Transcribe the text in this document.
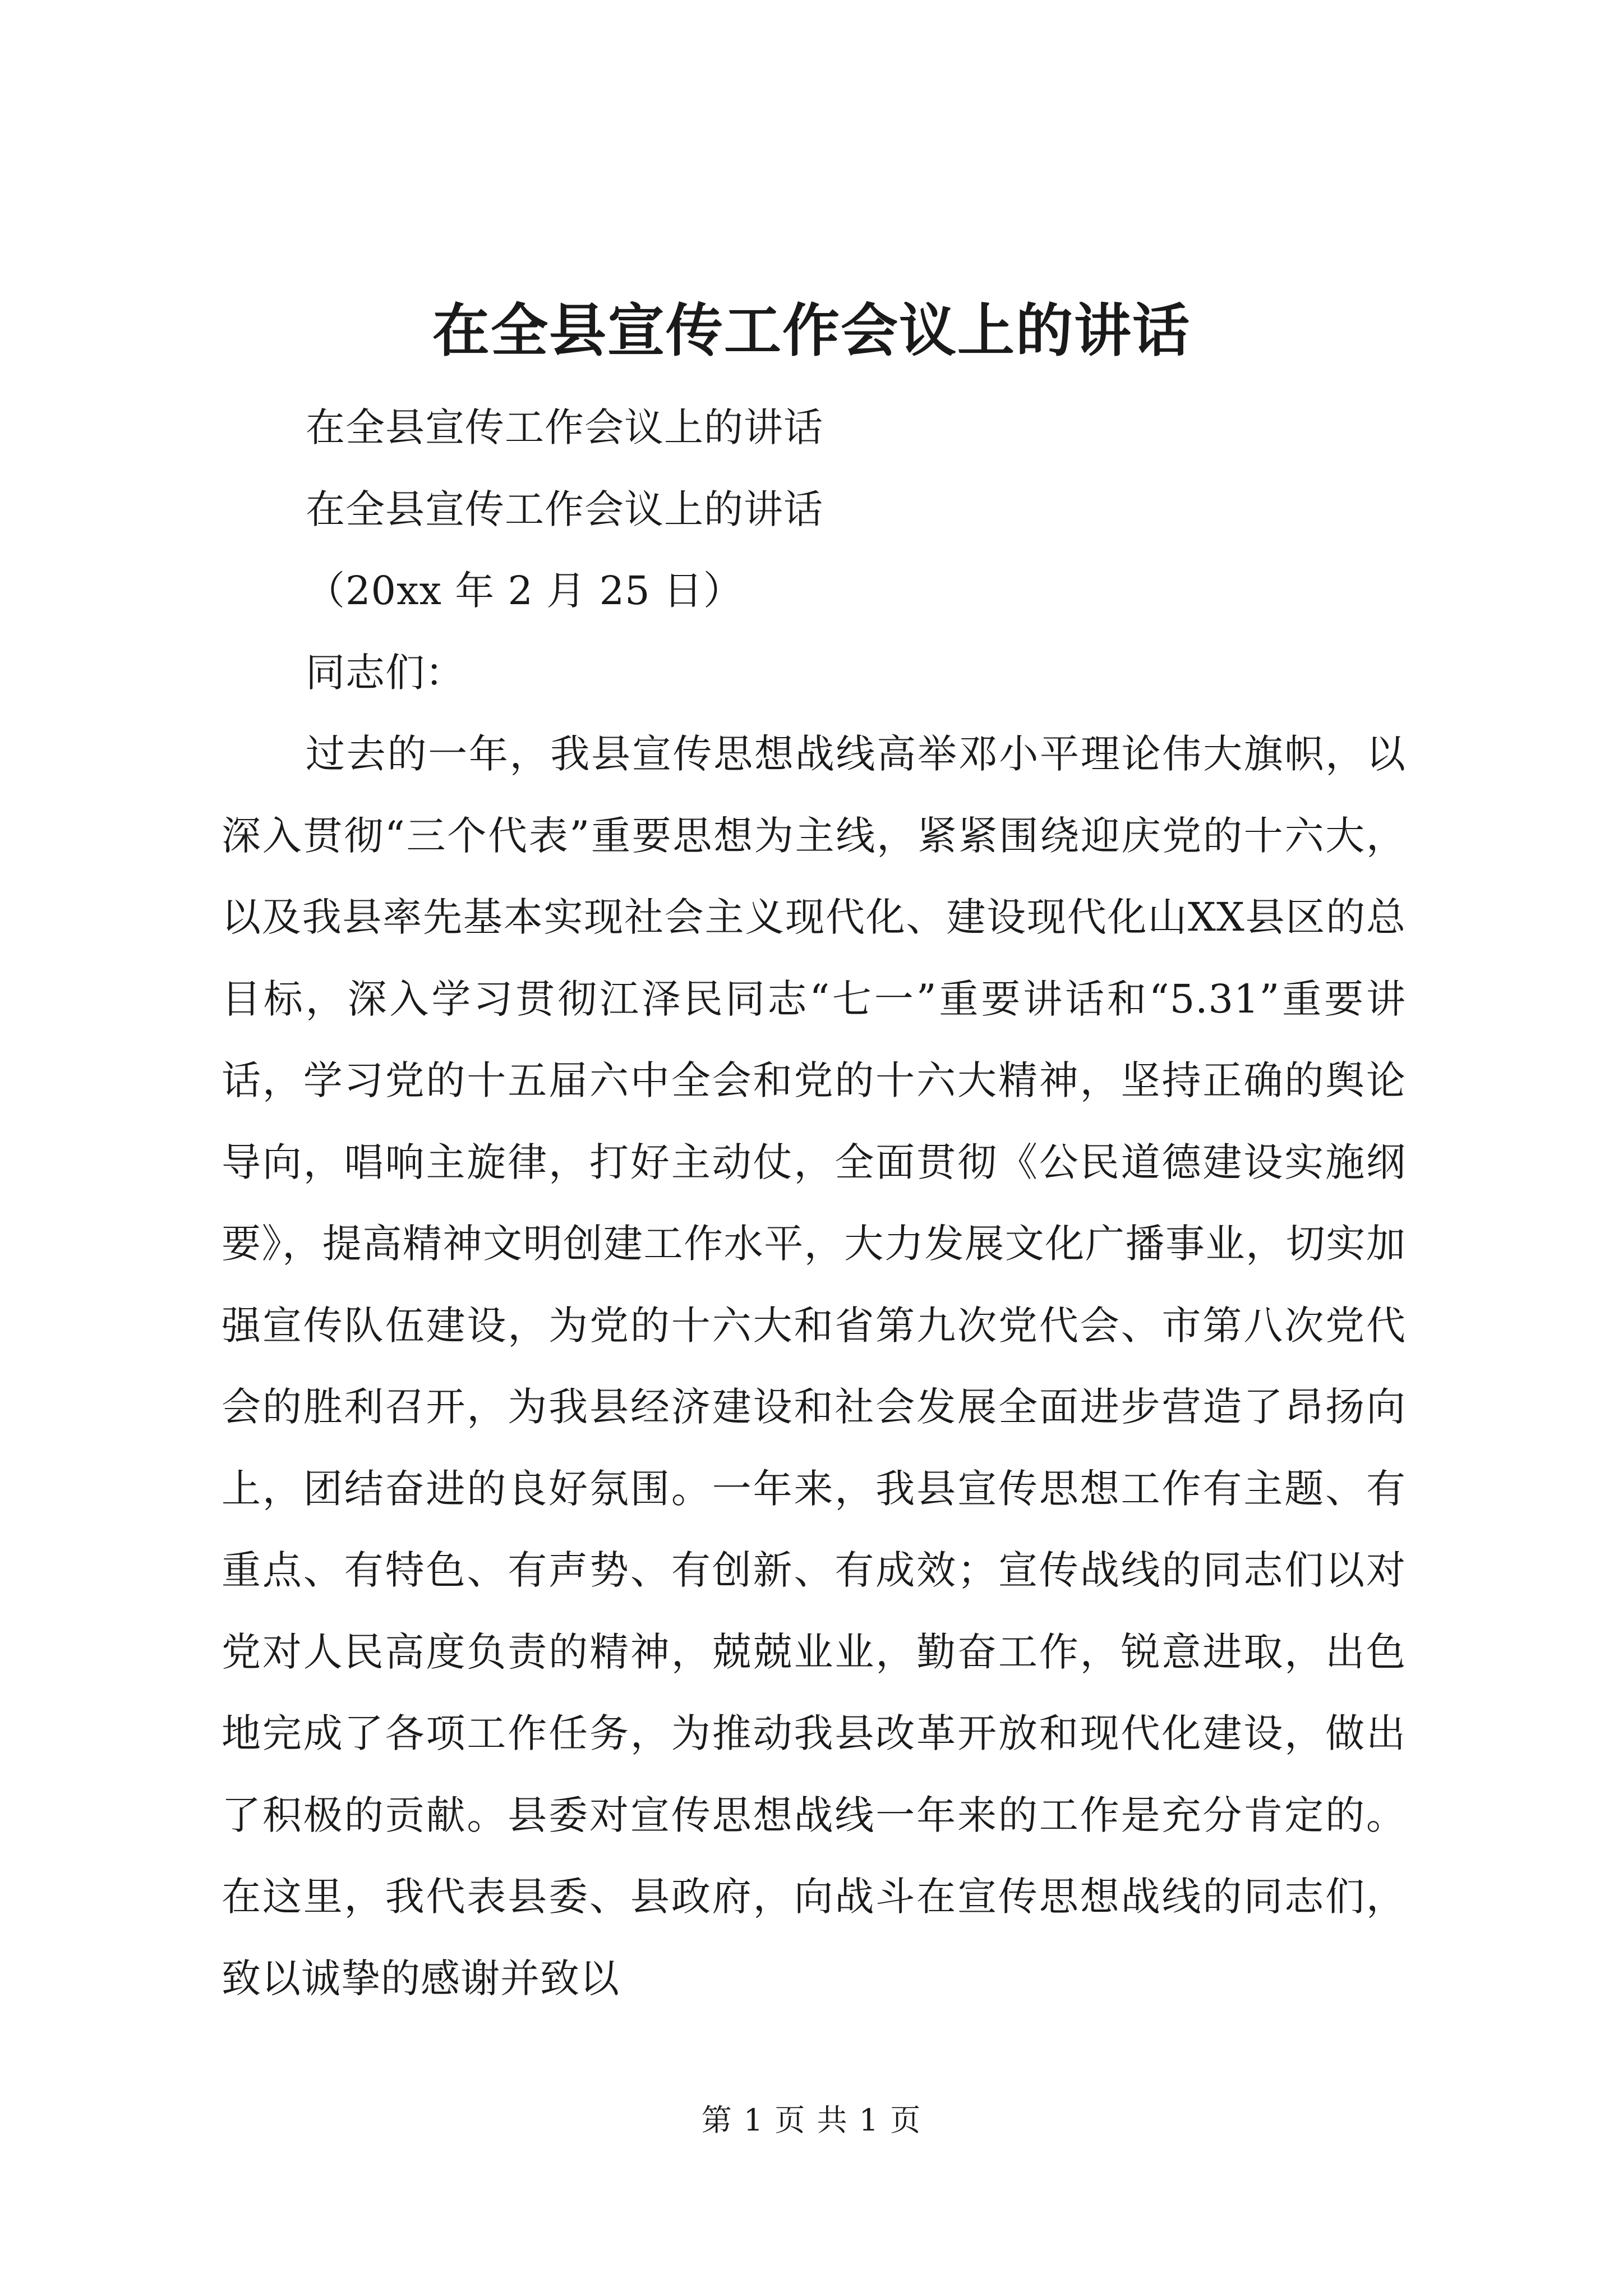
在全县宣传工作会议上的讲话

在全县宣传工作会议上的讲话

在全县宣传工作会议上的讲话

（20xx 年 2 月 25 日）

同志们：

过去的一年，我县宣传思想战线高举邓小平理论伟大旗帜，以深入贯彻“三个代表”重要思想为主线，紧紧围绕迎庆党的十六大，以及我县率先基本实现社会主义现代化、建设现代化山XX县区的总目标，深入学习贯彻江泽民同志“七一”重要讲话和“5.31”重要讲话，学习党的十五届六中全会和党的十六大精神，坚持正确的舆论导向，唱响主旋律，打好主动仗，全面贯彻《公民道德建设实施纲要》，提高精神文明创建工作水平，大力发展文化广播事业，切实加强宣传队伍建设，为党的十六大和省第九次党代会、市第八次党代会的胜利召开，为我县经济建设和社会发展全面进步营造了昂扬向上，团结奋进的良好氛围。一年来，我县宣传思想工作有主题、有重点、有特色、有声势、有创新、有成效；宣传战线的同志们以对党对人民高度负责的精神，兢兢业业，勤奋工作，锐意进取，出色地完成了各项工作任务，为推动我县改革开放和现代化建设，做出了积极的贡献。县委对宣传思想战线一年来的工作是充分肯定的。在这里，我代表县委、县政府，向战斗在宣传思想战线的同志们，致以诚挚的感谢并致以

第 1 页 共 1 页
